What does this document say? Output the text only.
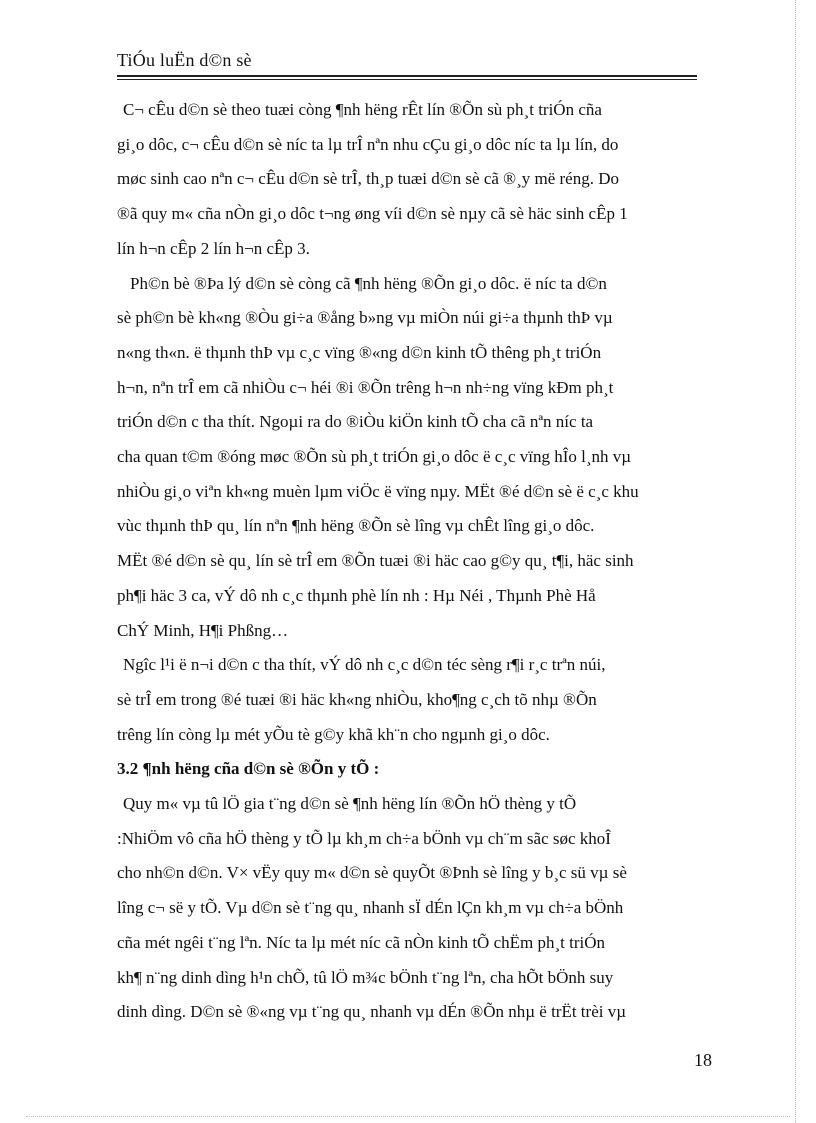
TiÓu luËn d©n sè

C¬ cÊu d©n sè theo tuæi còng ¶nh hëng rÊt lín ®Õn sù ph¸t triÓn cña

gi¸o dôc, c¬ cÊu d©n sè níc ta lµ trÎ nªn nhu cÇu gi¸o dôc níc ta lµ lín, do

møc sinh cao nªn c¬ cÊu d©n sè trÎ, th¸p tuæi d©n sè cã ®¸y më réng. Do

®ã quy m« cña nÒn gi¸o dôc t¬ng øng víi d©n sè nµy cã sè häc sinh cÊp 1

lín h¬n cÊp 2 lín h¬n cÊp 3.

Ph©n bè ®Þa lý d©n sè còng cã ¶nh hëng ®Õn gi¸o dôc. ë níc ta d©n

sè ph©n bè kh«ng ®Òu gi÷a ®ång b»ng vµ miÒn núi gi÷a thµnh thÞ vµ

n«ng th«n. ë thµnh thÞ vµ c¸c vïng ®«ng d©n kinh tÕ thêng ph¸t triÓn

h¬n, nªn trÎ em cã nhiÒu c¬ héi ®i ®Õn trêng h¬n nh÷ng vïng kÐm ph¸t

triÓn d©n c tha thít. Ngoµi ra do ®iÒu kiÖn kinh tÕ cha cã nªn níc ta

cha quan t©m ®óng møc ®Õn sù ph¸t triÓn gi¸o dôc ë c¸c vïng hÎo l¸nh vµ

nhiÒu gi¸o viªn kh«ng muèn lµm viÖc ë vïng nµy. MËt ®é d©n sè ë c¸c khu

vùc thµnh thÞ qu¸ lín nªn ¶nh hëng ®Õn sè lîng vµ chÊt lîng gi¸o dôc.

MËt ®é d©n sè qu¸ lín sè trÎ em ®Õn tuæi ®i häc cao g©y qu¸ t¶i, häc sinh

ph¶i häc 3 ca, vÝ dô nh c¸c thµnh phè lín nh : Hµ Néi , Thµnh Phè Hå

ChÝ Minh, H¶i Phßng…

Ngîc l¹i ë n¬i d©n c tha thít, vÝ dô nh c¸c d©n téc sèng r¶i r¸c trªn núi,

sè trÎ em trong ®é tuæi ®i häc kh«ng nhiÒu, kho¶ng c¸ch tõ nhµ ®Õn

trêng lín còng lµ mét yÕu tè g©y khã kh¨n cho ngµnh gi¸o dôc.

3.2 ¶nh hëng cña d©n sè ®Õn y tÕ :

Quy m« vµ tû lÖ gia t¨ng d©n sè ¶nh hëng lín ®Õn hÖ thèng y tÕ

:NhiÖm vô cña hÖ thèng y tÕ lµ kh¸m ch÷a bÖnh vµ ch¨m sãc søc khoÎ

cho nh©n d©n. V× vËy quy m« d©n sè quyÕt ®Þnh sè lîng y b¸c sü vµ sè

lîng c¬ së y tÕ. Vµ d©n sè t¨ng qu¸ nhanh sÏ dÉn lÇn kh¸m vµ ch÷a bÖnh

cña mét ngêi t¨ng lªn. Níc ta lµ mét níc cã nÒn kinh tÕ chËm ph¸t triÓn

kh¶ n¨ng dinh dìng h¹n chÕ, tû lÖ m¾c bÖnh t¨ng lªn, cha hÕt bÖnh suy

dinh dìng. D©n sè ®«ng vµ t¨ng qu¸ nhanh vµ dÉn ®Õn nhµ ë trËt trèi vµ

18
